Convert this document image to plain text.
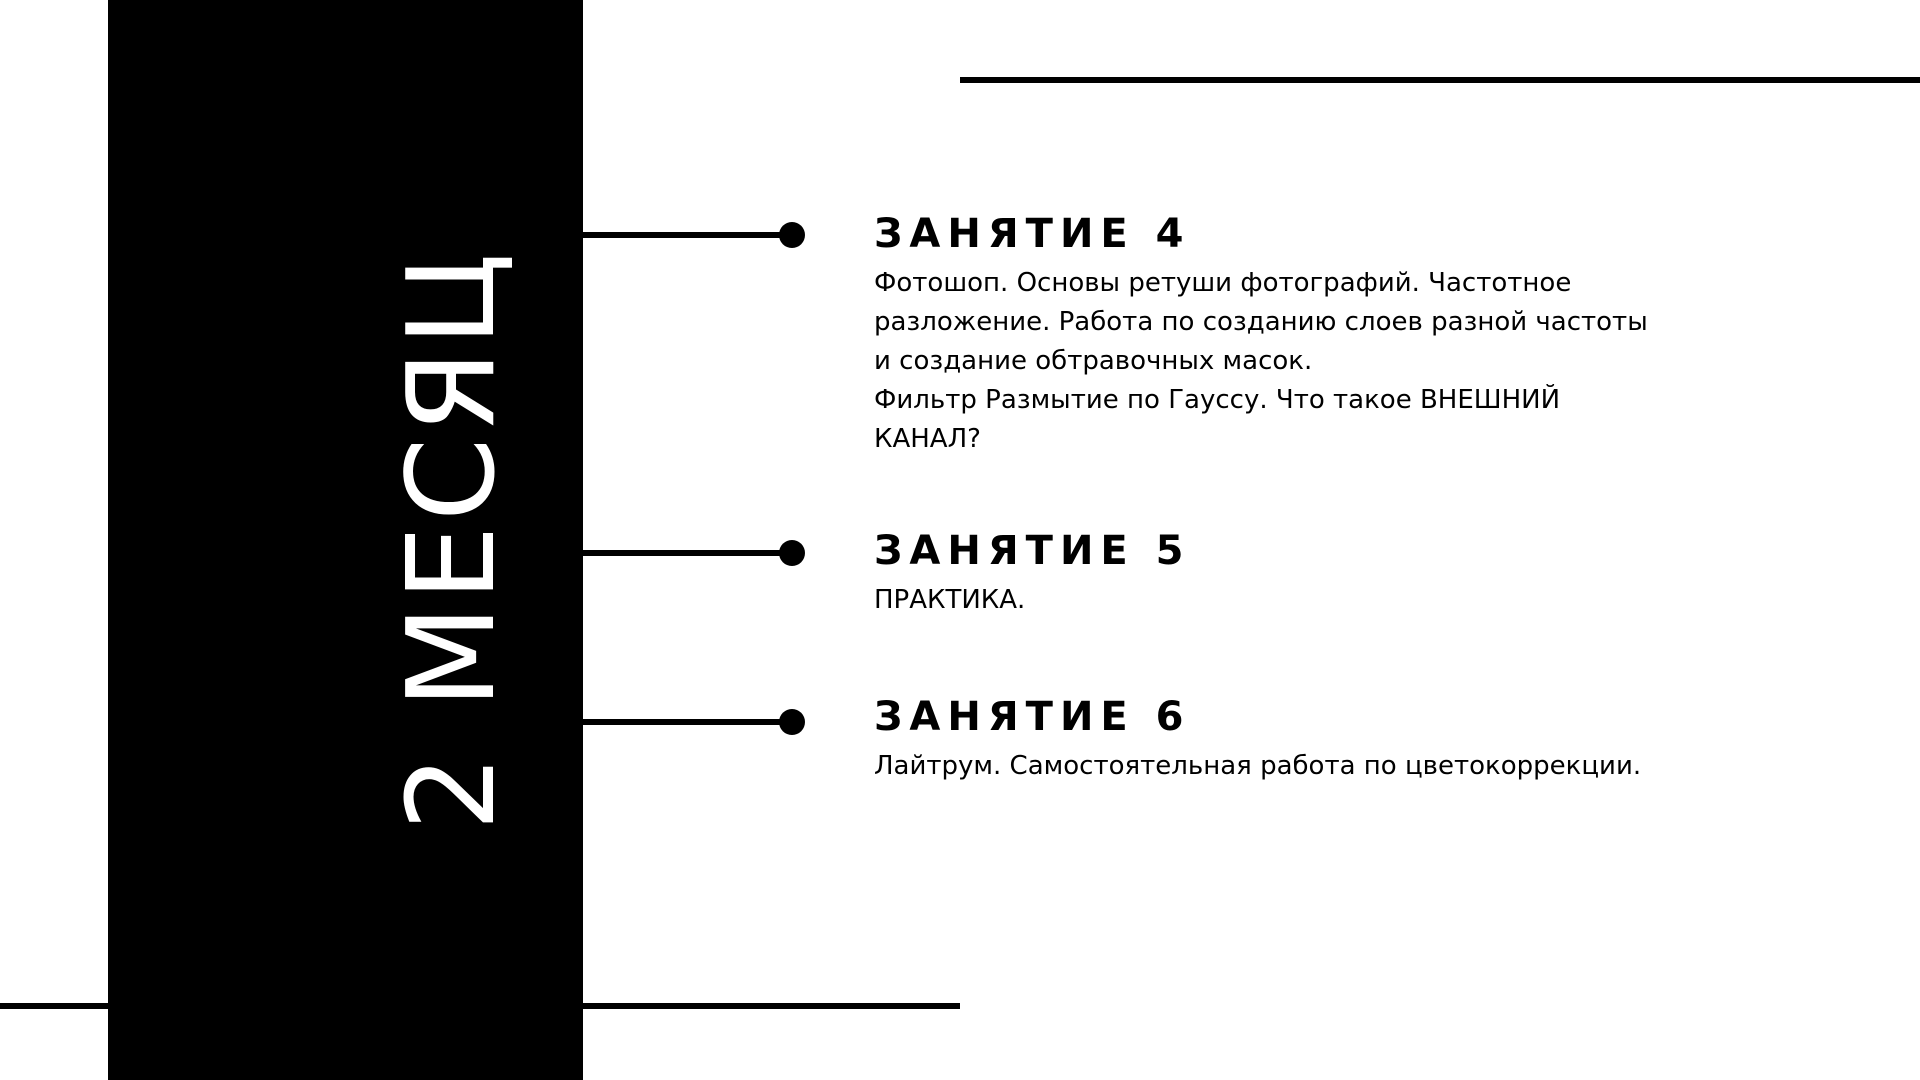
2 МЕСЯЦ
ЗАНЯТИЕ 4
Фотошоп. Основы ретуши фотографий. Частотное
разложение. Работа по созданию слоев разной частоты
и создание обтравочных масок.
Фильтр Размытие по Гауссу. Что такое ВНЕШНИЙ
КАНАЛ?
ЗАНЯТИЕ 5
ПРАКТИКА.
ЗАНЯТИЕ 6
Лайтрум. Самостоятельная работа по цветокоррекции.
